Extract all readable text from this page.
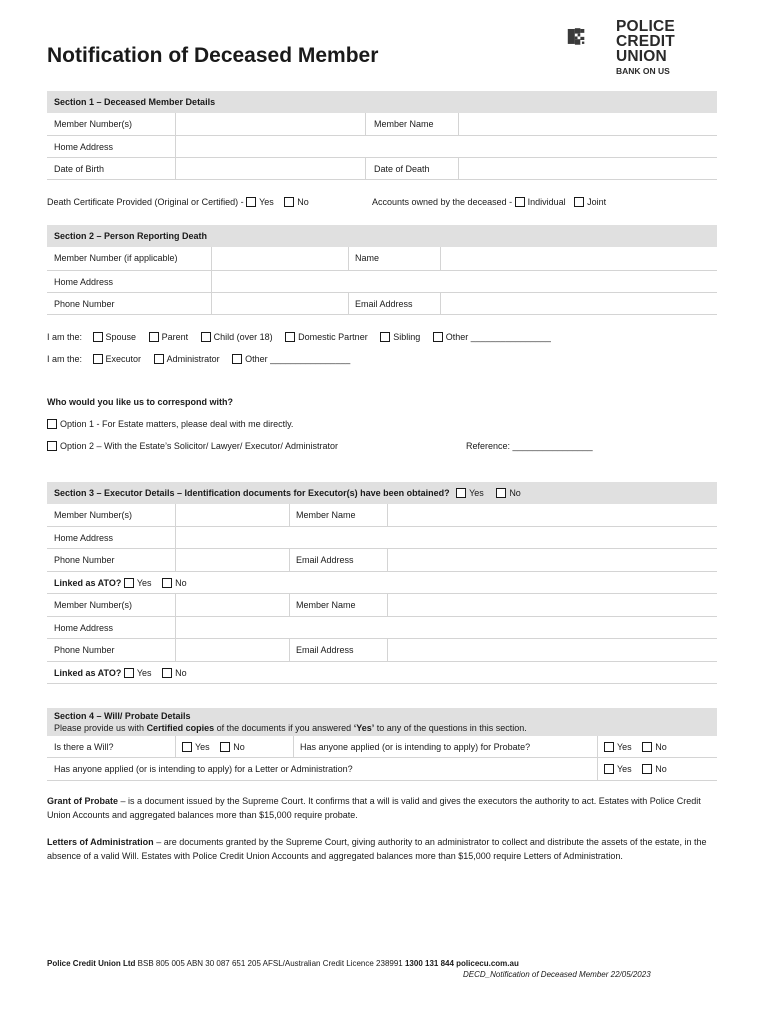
Notification of Deceased Member
POLICE
CREDIT
UNION
BANK ON US
Section 1 – Deceased Member Details
Member Number(s)	Member Name
Home Address
Date of Birth	Date of Death
Death Certificate Provided (Original or Certified) - Yes	No	Accounts owned by the deceased - Individual Joint
Section 2 – Person Reporting Death
Member Number (if applicable)	Name
Home Address
Phone Number	Email Address
I am the:	Spouse	Parent	Child (over 18)	Domestic Partner	Sibling	Other ________________
I am the:	Executor	Administrator	Other ________________
Who would you like us to correspond with?
Option 1 - For Estate matters, please deal with me directly.
Option 2 – With the Estate’s Solicitor/ Lawyer/ Executor/ Administrator	Reference: ________________
Section 3 – Executor Details – Identification documents for Executor(s) have been obtained? Yes	No
Member Number(s)	Member Name
Home Address
Phone Number	Email Address
Linked as ATO? Yes	No
Member Number(s)	Member Name
Home Address
Phone Number	Email Address
Linked as ATO? Yes	No
Section 4 – Will/ Probate Details
Please provide us with Certified copies of the documents if you answered ‘Yes’ to any of the questions in this section.
Is there a Will?	Yes	No	Has anyone applied (or is intending to apply) for Probate?	Yes	No
Has anyone applied (or is intending to apply) for a Letter or Administration?	Yes	No
Grant of Probate – is a document issued by the Supreme Court. It confirms that a will is valid and gives the executors the authority to act. Estates with Police Credit Union Accounts and aggregated balances more than $15,000 require probate.
Letters of Administration – are documents granted by the Supreme Court, giving authority to an administrator to collect and distribute the assets of the estate, in the absence of a valid Will. Estates with Police Credit Union Accounts and aggregated balances more than $15,000 require Letters of Administration.
Police Credit Union Ltd BSB 805 005 ABN 30 087 651 205 AFSL/Australian Credit Licence 238991 1300 131 844 policecu.com.au
DECD_Notification of Deceased Member 22/05/2023
